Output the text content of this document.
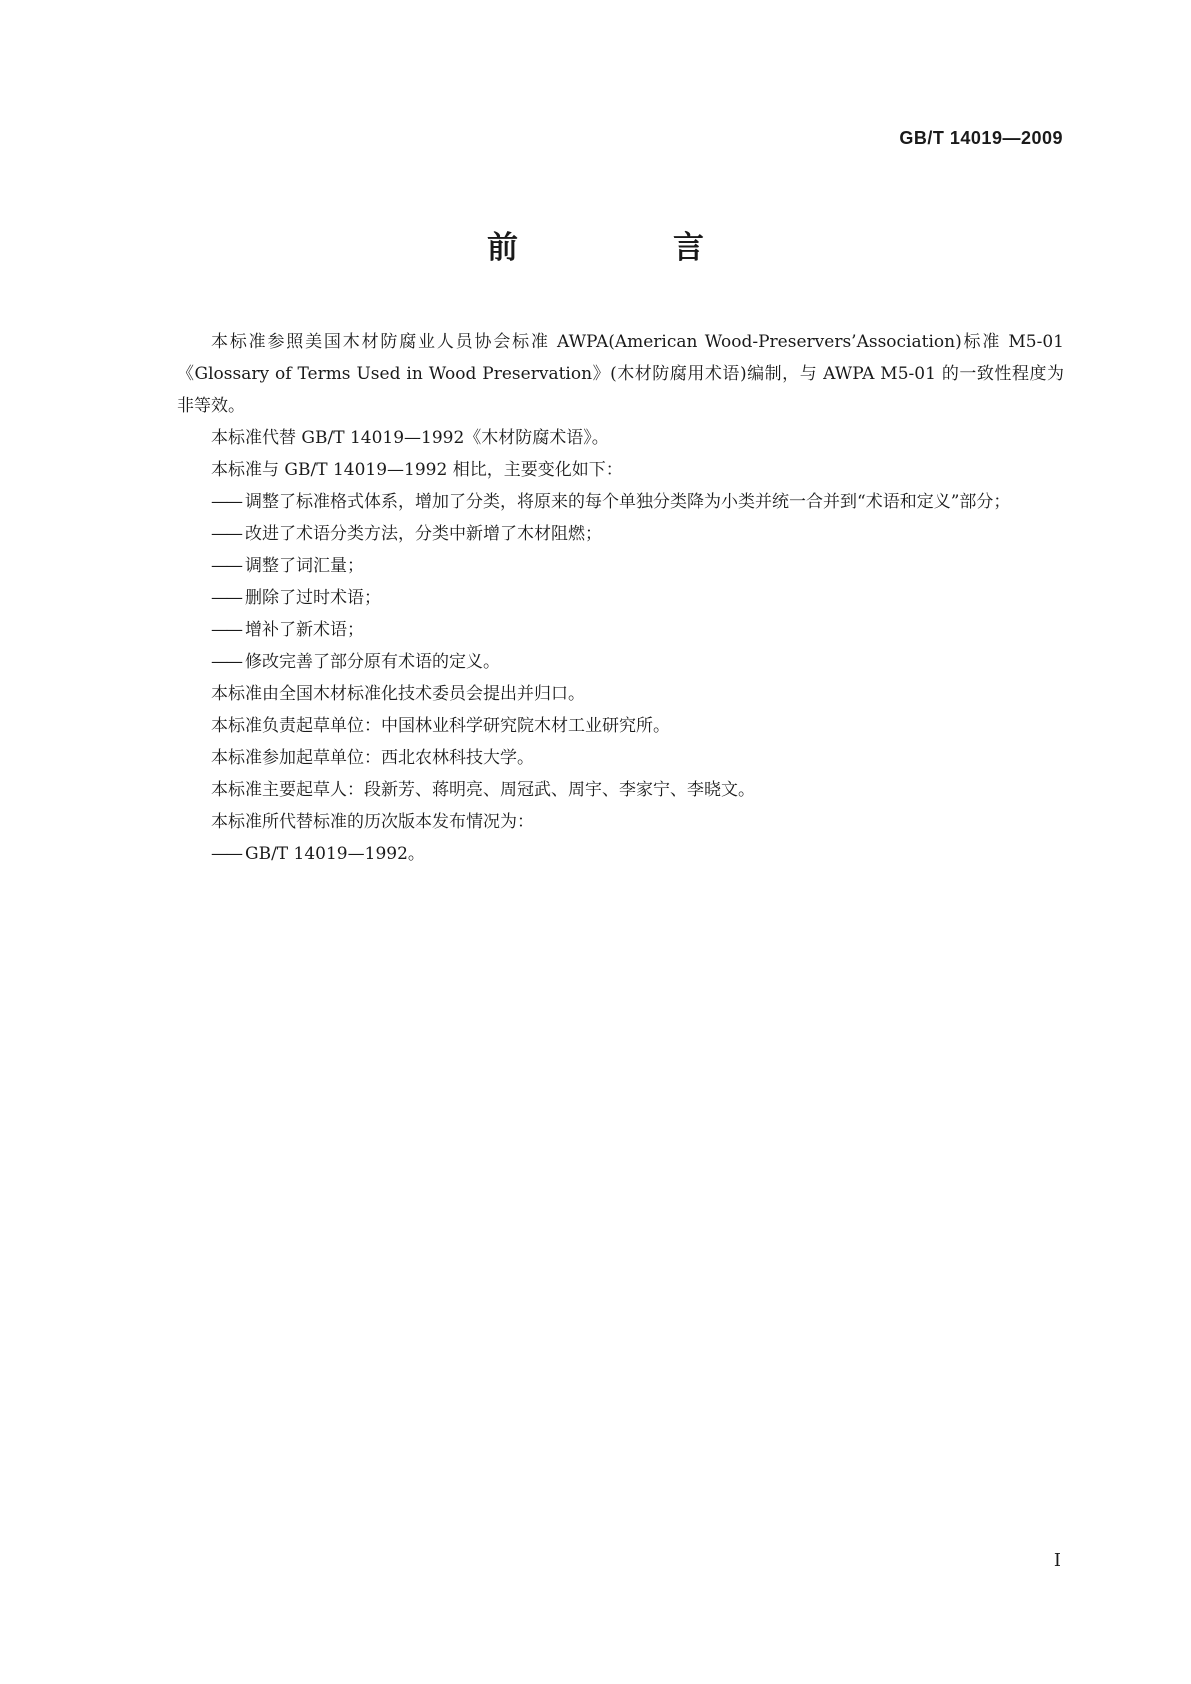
GB/T 14019—2009
前　言

本标准参照美国木材防腐业人员协会标准 AWPA(American Wood-Preservers’Association)标准 M5-01《Glossary of Terms Used in Wood Preservation》(木材防腐用术语)编制，与 AWPA M5-01 的一致性程度为非等效。

本标准代替 GB/T 14019—1992《木材防腐术语》。

本标准与 GB/T 14019—1992 相比，主要变化如下：

—— 调整了标准格式体系，增加了分类，将原来的每个单独分类降为小类并统一合并到“术语和定义”部分；

—— 改进了术语分类方法，分类中新增了木材阻燃；

—— 调整了词汇量；

—— 删除了过时术语；

—— 增补了新术语；

—— 修改完善了部分原有术语的定义。

本标准由全国木材标准化技术委员会提出并归口。

本标准负责起草单位：中国林业科学研究院木材工业研究所。

本标准参加起草单位：西北农林科技大学。

本标准主要起草人：段新芳、蒋明亮、周冠武、周宇、李家宁、李晓文。

本标准所代替标准的历次版本发布情况为：

—— GB/T 14019—1992。

I
